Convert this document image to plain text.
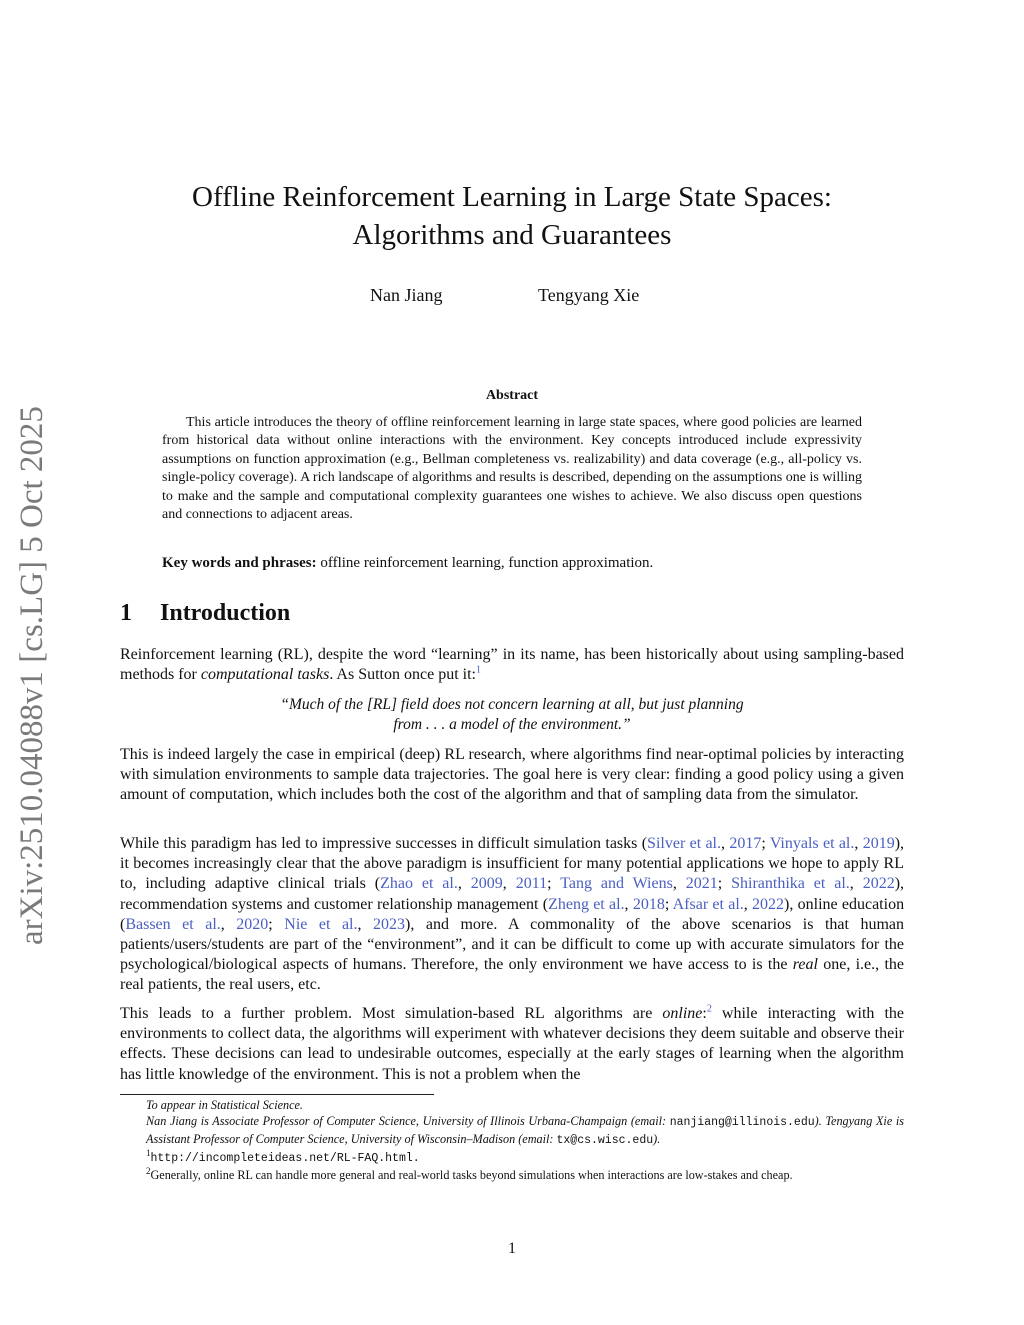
arXiv:2510.04088v1 [cs.LG] 5 Oct 2025
Offline Reinforcement Learning in Large State Spaces:
Algorithms and Guarantees
Nan Jiang	Tengyang Xie
Abstract
This article introduces the theory of offline reinforcement learning in large state spaces, where good policies are learned from historical data without online interactions with the environment. Key concepts introduced include expressivity assumptions on function approximation (e.g., Bellman completeness vs. realizability) and data coverage (e.g., all-policy vs. single-policy coverage). A rich landscape of algorithms and results is described, depending on the assumptions one is willing to make and the sample and computational complexity guarantees one wishes to achieve. We also discuss open questions and connections to adjacent areas.
Key words and phrases: offline reinforcement learning, function approximation.
1 Introduction
Reinforcement learning (RL), despite the word “learning” in its name, has been historically about using sampling-based methods for computational tasks. As Sutton once put it:$^1$
“Much of the [RL] field does not concern learning at all, but just planning
from . . . a model of the environment.”
This is indeed largely the case in empirical (deep) RL research, where algorithms find near-optimal policies by interacting with simulation environments to sample data trajectories. The goal here is very clear: finding a good policy using a given amount of computation, which includes both the cost of the algorithm and that of sampling data from the simulator.
While this paradigm has led to impressive successes in difficult simulation tasks (Silver et al., 2017; Vinyals et al., 2019), it becomes increasingly clear that the above paradigm is insufficient for many potential applications we hope to apply RL to, including adaptive clinical trials (Zhao et al., 2009, 2011; Tang and Wiens, 2021; Shiranthika et al., 2022), recommendation systems and customer relationship management (Zheng et al., 2018; Afsar et al., 2022), online education (Bassen et al., 2020; Nie et al., 2023), and more. A commonality of the above scenarios is that human patients/users/students are part of the “environment”, and it can be difficult to come up with accurate simulators for the psychological/biological aspects of humans. Therefore, the only environment we have access to is the real one, i.e., the real patients, the real users, etc.
This leads to a further problem. Most simulation-based RL algorithms are online:$^2$ while interacting with the environments to collect data, the algorithms will experiment with whatever decisions they deem suitable and observe their effects. These decisions can lead to undesirable outcomes, especially at the early stages of learning when the algorithm has little knowledge of the environment. This is not a problem when the
To appear in Statistical Science.
Nan Jiang is Associate Professor of Computer Science, University of Illinois Urbana-Champaign (email: nanjiang@illinois.edu). Tengyang Xie is Assistant Professor of Computer Science, University of Wisconsin–Madison (email: tx@cs.wisc.edu).
$^1$http://incompleteideas.net/RL-FAQ.html.
$^2$Generally, online RL can handle more general and real-world tasks beyond simulations when interactions are low-stakes and cheap.
1
